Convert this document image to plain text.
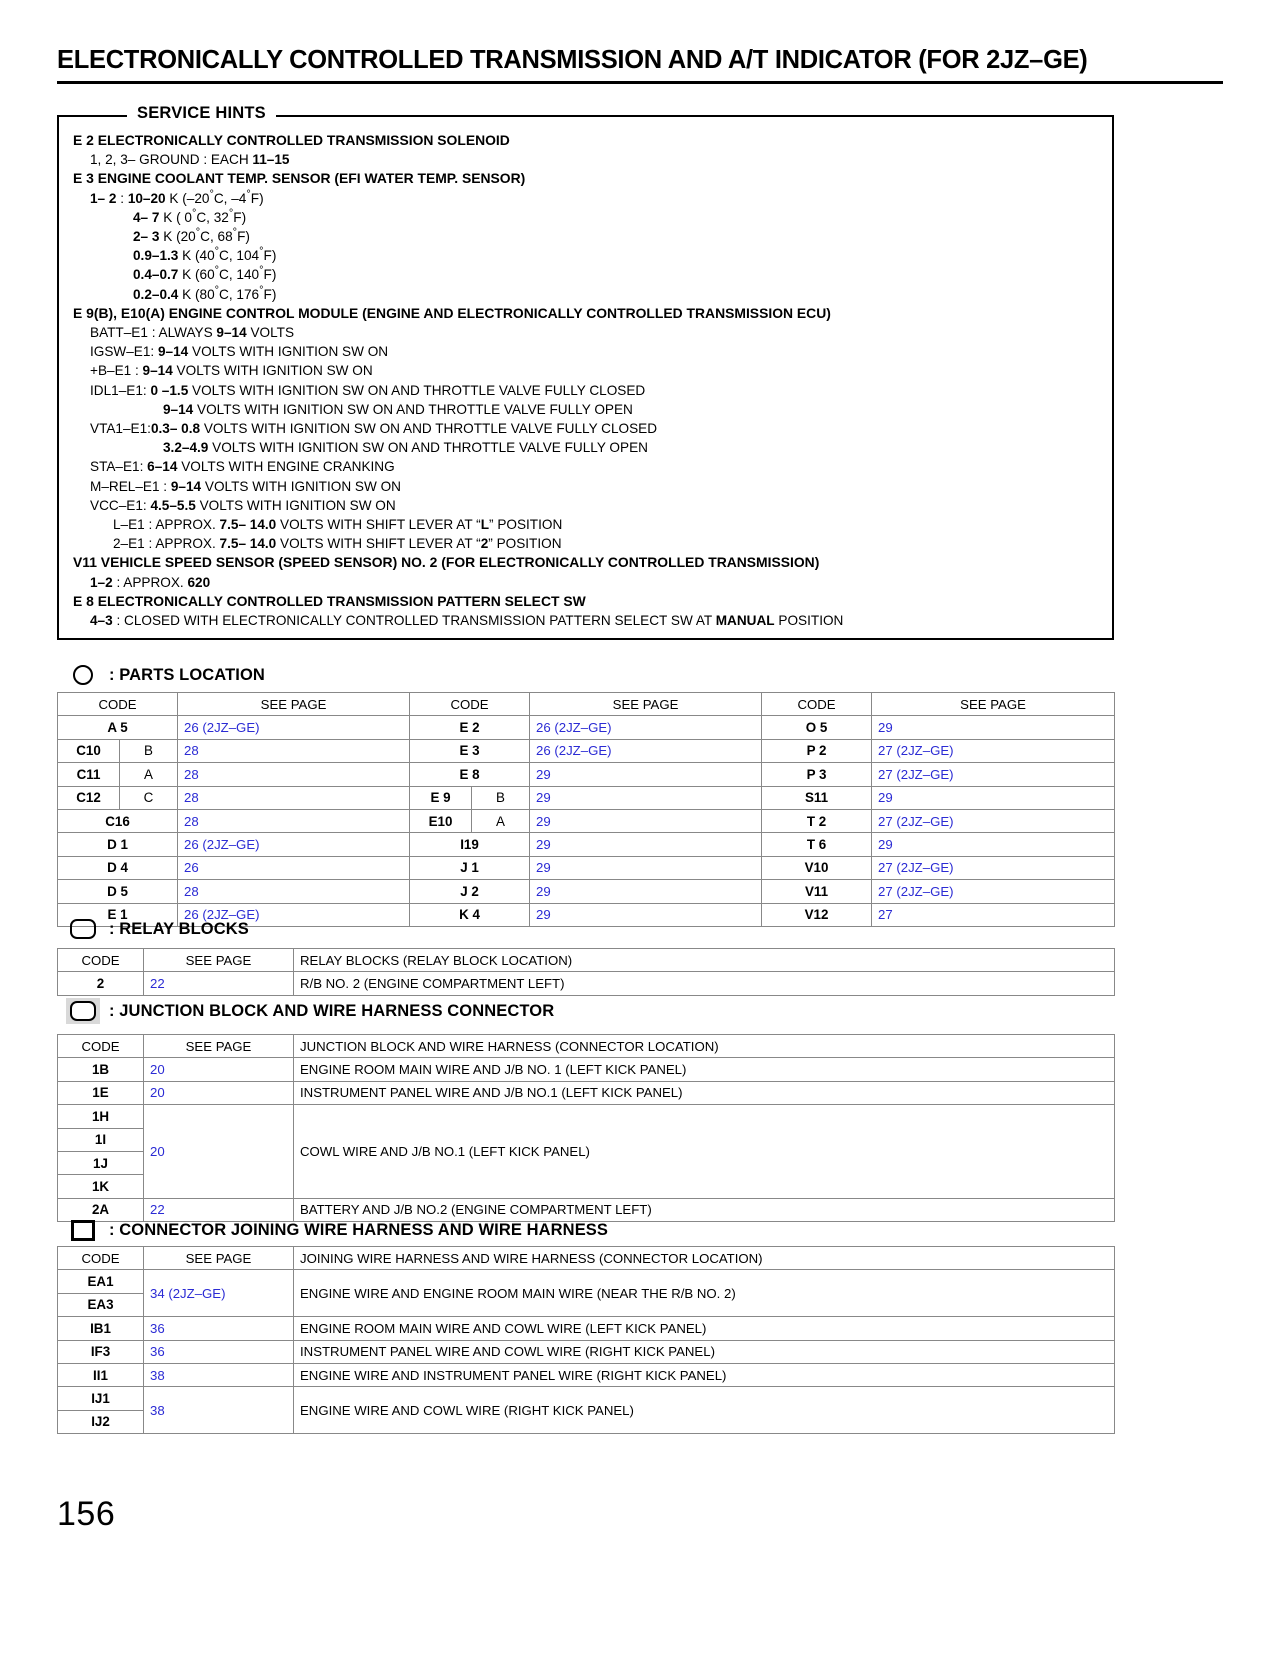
ELECTRONICALLY CONTROLLED TRANSMISSION AND A/T INDICATOR (FOR 2JZ–GE)
SERVICE HINTS
E 2 ELECTRONICALLY CONTROLLED TRANSMISSION SOLENOID
1, 2, 3– GROUND : EACH 11–15
E 3 ENGINE COOLANT TEMP. SENSOR (EFI WATER TEMP. SENSOR)
1– 2 : 10–20 K (–20°C, –4°F)
4– 7 K ( 0°C, 32°F)
2– 3 K (20°C, 68°F)
0.9–1.3 K (40°C, 104°F)
0.4–0.7 K (60°C, 140°F)
0.2–0.4 K (80°C, 176°F)
E 9(B), E10(A) ENGINE CONTROL MODULE (ENGINE AND ELECTRONICALLY CONTROLLED TRANSMISSION ECU)
BATT–E1 : ALWAYS 9–14 VOLTS
IGSW–E1: 9–14 VOLTS WITH IGNITION SW ON
+B–E1 : 9–14 VOLTS WITH IGNITION SW ON
IDL1–E1: 0 –1.5 VOLTS WITH IGNITION SW ON AND THROTTLE VALVE FULLY CLOSED
9–14 VOLTS WITH IGNITION SW ON AND THROTTLE VALVE FULLY OPEN
VTA1–E1:0.3– 0.8 VOLTS WITH IGNITION SW ON AND THROTTLE VALVE FULLY CLOSED
3.2–4.9 VOLTS WITH IGNITION SW ON AND THROTTLE VALVE FULLY OPEN
STA–E1: 6–14 VOLTS WITH ENGINE CRANKING
M–REL–E1 : 9–14 VOLTS WITH IGNITION SW ON
VCC–E1: 4.5–5.5 VOLTS WITH IGNITION SW ON
L–E1 : APPROX. 7.5– 14.0 VOLTS WITH SHIFT LEVER AT “L” POSITION
2–E1 : APPROX. 7.5– 14.0 VOLTS WITH SHIFT LEVER AT “2” POSITION
V11 VEHICLE SPEED SENSOR (SPEED SENSOR) NO. 2 (FOR ELECTRONICALLY CONTROLLED TRANSMISSION)
1–2 : APPROX. 620
E 8 ELECTRONICALLY CONTROLLED TRANSMISSION PATTERN SELECT SW
4–3 : CLOSED WITH ELECTRONICALLY CONTROLLED TRANSMISSION PATTERN SELECT SW AT MANUAL POSITION
: PARTS LOCATION
CODE		SEE PAGE	CODE		SEE PAGE	CODE	SEE PAGE
A 5		26 (2JZ–GE)	E 2		26 (2JZ–GE)	O 5	29
C10	B	28	E 3		26 (2JZ–GE)	P 2	27 (2JZ–GE)
C11	A	28	E 8		29	P 3	27 (2JZ–GE)
C12	C	28	E 9	B	29	S11	29
C16		28	E10	A	29	T 2	27 (2JZ–GE)
D 1		26 (2JZ–GE)	I19		29	T 6	29
D 4		26	J 1		29	V10	27 (2JZ–GE)
D 5		28	J 2		29	V11	27 (2JZ–GE)
E 1		26 (2JZ–GE)	K 4		29	V12	27
: RELAY BLOCKS
CODE	SEE PAGE	RELAY BLOCKS (RELAY BLOCK LOCATION)
2	22	R/B NO. 2 (ENGINE COMPARTMENT LEFT)
: JUNCTION BLOCK AND WIRE HARNESS CONNECTOR
CODE	SEE PAGE	JUNCTION BLOCK AND WIRE HARNESS (CONNECTOR LOCATION)
1B	20	ENGINE ROOM MAIN WIRE AND J/B NO. 1 (LEFT KICK PANEL)
1E	20	INSTRUMENT PANEL WIRE AND J/B NO.1 (LEFT KICK PANEL)
1H	20	COWL WIRE AND J/B NO.1 (LEFT KICK PANEL)
1I		
1J		
1K		
2A	22	BATTERY AND J/B NO.2 (ENGINE COMPARTMENT LEFT)
: CONNECTOR JOINING WIRE HARNESS AND WIRE HARNESS
CODE	SEE PAGE	JOINING WIRE HARNESS AND WIRE HARNESS (CONNECTOR LOCATION)
EA1	34 (2JZ–GE)	ENGINE WIRE AND ENGINE ROOM MAIN WIRE (NEAR THE R/B NO. 2)
EA3		
IB1	36	ENGINE ROOM MAIN WIRE AND COWL WIRE (LEFT KICK PANEL)
IF3	36	INSTRUMENT PANEL WIRE AND COWL WIRE (RIGHT KICK PANEL)
II1	38	ENGINE WIRE AND INSTRUMENT PANEL WIRE (RIGHT KICK PANEL)
IJ1	38	ENGINE WIRE AND COWL WIRE (RIGHT KICK PANEL)
IJ2		
156
